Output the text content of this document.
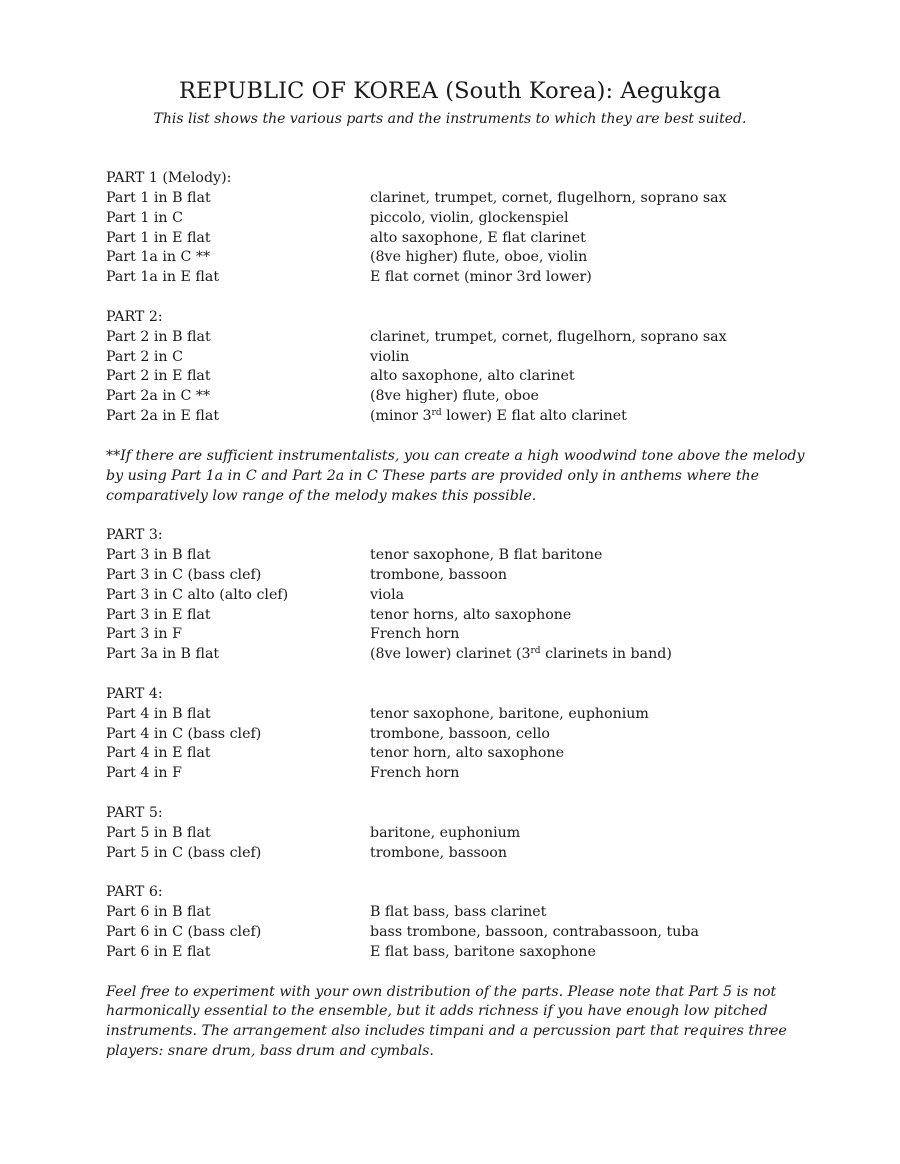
REPUBLIC OF KOREA (South Korea): Aegukga
This list shows the various parts and the instruments to which they are best suited.
PART 1 (Melody):
Part 1 in B flat	clarinet, trumpet, cornet, flugelhorn, soprano sax
Part 1 in C	piccolo, violin, glockenspiel
Part 1 in E flat	alto saxophone, E flat clarinet
Part 1a in C **	(8ve higher) flute, oboe, violin
Part 1a in E flat	E flat cornet (minor 3rd lower)
PART 2:
Part 2 in B flat	clarinet, trumpet, cornet, flugelhorn, soprano sax
Part 2 in C	violin
Part 2 in E flat	alto saxophone, alto clarinet
Part 2a in C **	(8ve higher) flute, oboe
Part 2a in E flat	(minor 3rd lower) E flat alto clarinet
**If there are sufficient instrumentalists, you can create a high woodwind tone above the melody
by using Part 1a in C and Part 2a in C These parts are provided only in anthems where the
comparatively low range of the melody makes this possible.
PART 3:
Part 3 in B flat	tenor saxophone, B flat baritone
Part 3 in C (bass clef)	trombone, bassoon
Part 3 in C alto (alto clef)	viola
Part 3 in E flat	tenor horns, alto saxophone
Part 3 in F	French horn
Part 3a in B flat	(8ve lower) clarinet (3rd clarinets in band)
PART 4:
Part 4 in B flat	tenor saxophone, baritone, euphonium
Part 4 in C (bass clef)	trombone, bassoon, cello
Part 4 in E flat	tenor horn, alto saxophone
Part 4 in F	French horn
PART 5:
Part 5 in B flat	baritone, euphonium
Part 5 in C (bass clef)	trombone, bassoon
PART 6:
Part 6 in B flat	B flat bass, bass clarinet
Part 6 in C (bass clef)	bass trombone, bassoon, contrabassoon, tuba
Part 6 in E flat	E flat bass, baritone saxophone
Feel free to experiment with your own distribution of the parts. Please note that Part 5 is not
harmonically essential to the ensemble, but it adds richness if you have enough low pitched
instruments. The arrangement also includes timpani and a percussion part that requires three
players: snare drum, bass drum and cymbals.
